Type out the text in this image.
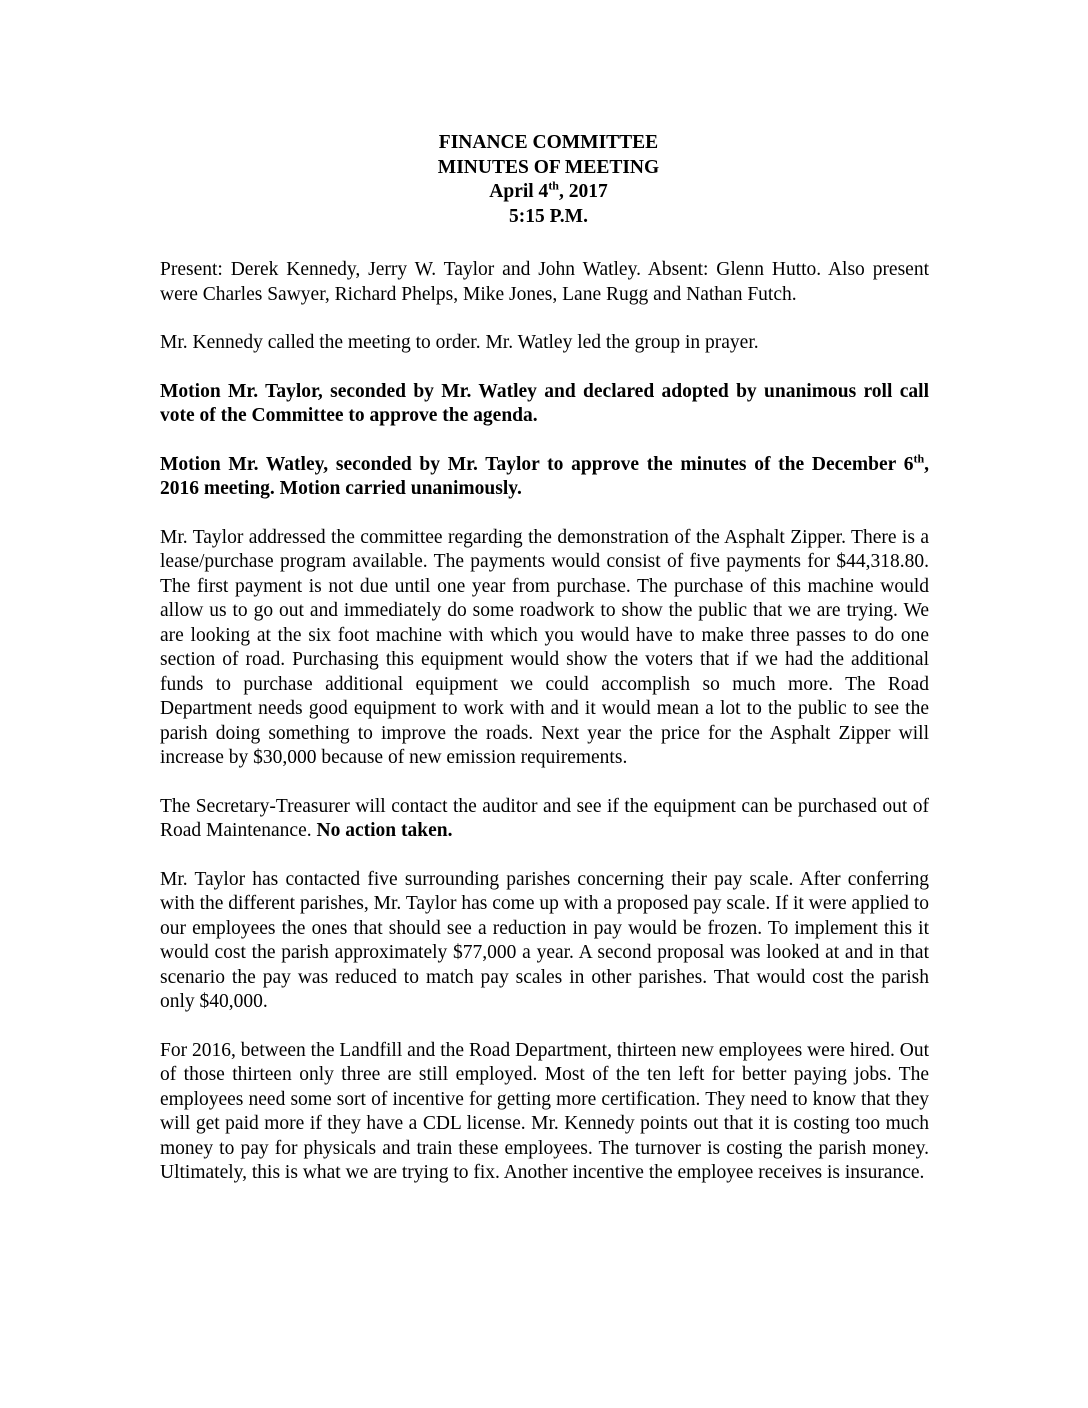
FINANCE COMMITTEE
MINUTES OF MEETING
April 4th, 2017
5:15 P.M.

Present: Derek Kennedy, Jerry W. Taylor and John Watley. Absent: Glenn Hutto. Also present were Charles Sawyer, Richard Phelps, Mike Jones, Lane Rugg and Nathan Futch.

Mr. Kennedy called the meeting to order. Mr. Watley led the group in prayer.

Motion Mr. Taylor, seconded by Mr. Watley and declared adopted by unanimous roll call vote of the Committee to approve the agenda.

Motion Mr. Watley, seconded by Mr. Taylor to approve the minutes of the December 6th, 2016 meeting. Motion carried unanimously.

Mr. Taylor addressed the committee regarding the demonstration of the Asphalt Zipper. There is a lease/purchase program available. The payments would consist of five payments for $44,318.80. The first payment is not due until one year from purchase. The purchase of this machine would allow us to go out and immediately do some roadwork to show the public that we are trying. We are looking at the six foot machine with which you would have to make three passes to do one section of road. Purchasing this equipment would show the voters that if we had the additional funds to purchase additional equipment we could accomplish so much more. The Road Department needs good equipment to work with and it would mean a lot to the public to see the parish doing something to improve the roads. Next year the price for the Asphalt Zipper will increase by $30,000 because of new emission requirements.

The Secretary-Treasurer will contact the auditor and see if the equipment can be purchased out of Road Maintenance. No action taken.

Mr. Taylor has contacted five surrounding parishes concerning their pay scale. After conferring with the different parishes, Mr. Taylor has come up with a proposed pay scale. If it were applied to our employees the ones that should see a reduction in pay would be frozen. To implement this it would cost the parish approximately $77,000 a year. A second proposal was looked at and in that scenario the pay was reduced to match pay scales in other parishes. That would cost the parish only $40,000.

For 2016, between the Landfill and the Road Department, thirteen new employees were hired. Out of those thirteen only three are still employed. Most of the ten left for better paying jobs. The employees need some sort of incentive for getting more certification. They need to know that they will get paid more if they have a CDL license. Mr. Kennedy points out that it is costing too much money to pay for physicals and train these employees. The turnover is costing the parish money. Ultimately, this is what we are trying to fix. Another incentive the employee receives is insurance.
